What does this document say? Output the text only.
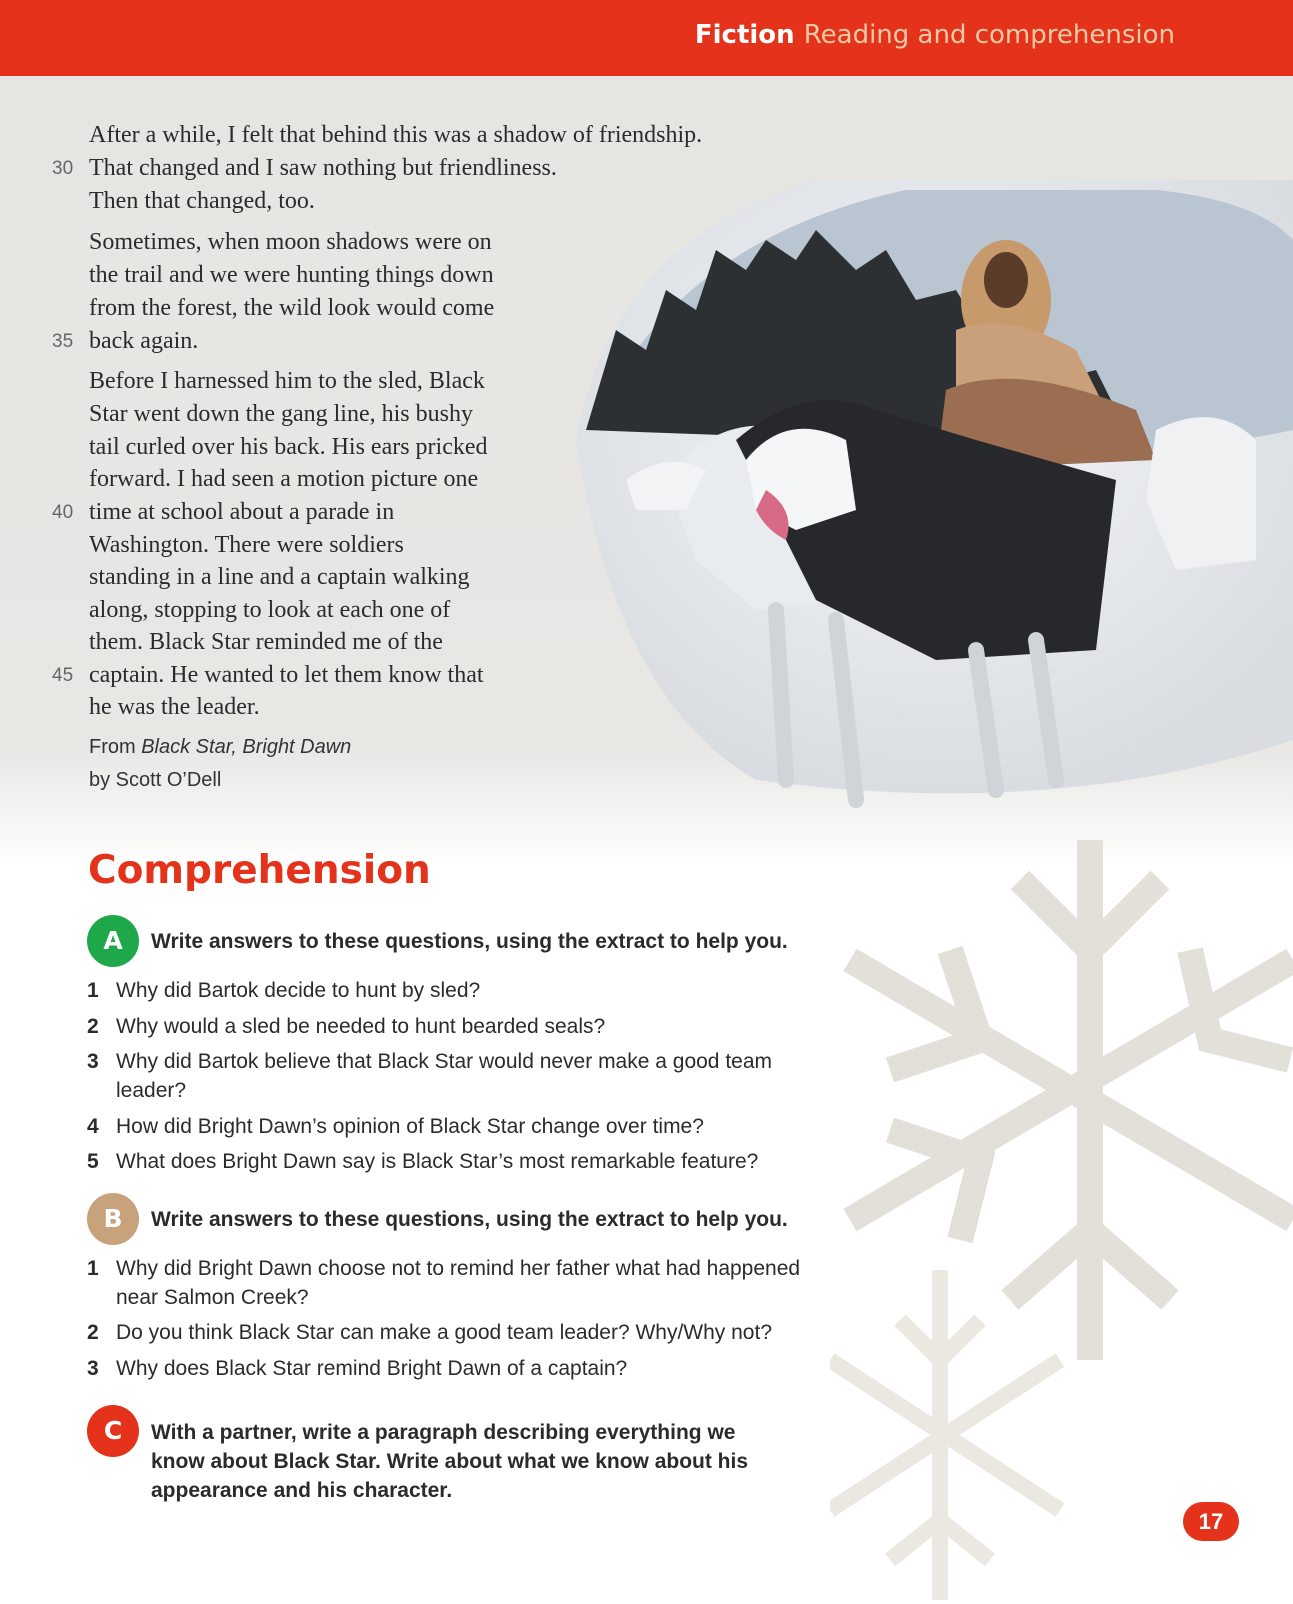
Fiction Reading and comprehension
After a while, I felt that behind this was a shadow of friendship.
That changed and I saw nothing but friendliness.
Then that changed, too.
Sometimes, when moon shadows were on
the trail and we were hunting things down
from the forest, the wild look would come
back again.
Before I harnessed him to the sled, Black
Star went down the gang line, his bushy
tail curled over his back. His ears pricked
forward. I had seen a motion picture one
time at school about a parade in
Washington. There were soldiers
standing in a line and a captain walking
along, stopping to look at each one of
them. Black Star reminded me of the
captain. He wanted to let them know that
he was the leader.
30
35
40
45
From Black Star, Bright Dawn
by Scott O’Dell
Comprehension
A	Write answers to these questions, using the extract to help you.
1 Why did Bartok decide to hunt by sled?
2 Why would a sled be needed to hunt bearded seals?
3 Why did Bartok believe that Black Star would never make a good team leader?
4 How did Bright Dawn’s opinion of Black Star change over time?
5 What does Bright Dawn say is Black Star’s most remarkable feature?
B	Write answers to these questions, using the extract to help you.
1 Why did Bright Dawn choose not to remind her father what had happened near Salmon Creek?
2 Do you think Black Star can make a good team leader? Why/Why not?
3 Why does Black Star remind Bright Dawn of a captain?
C	With a partner, write a paragraph describing everything we know about Black Star. Write about what we know about his appearance and his character.
17
